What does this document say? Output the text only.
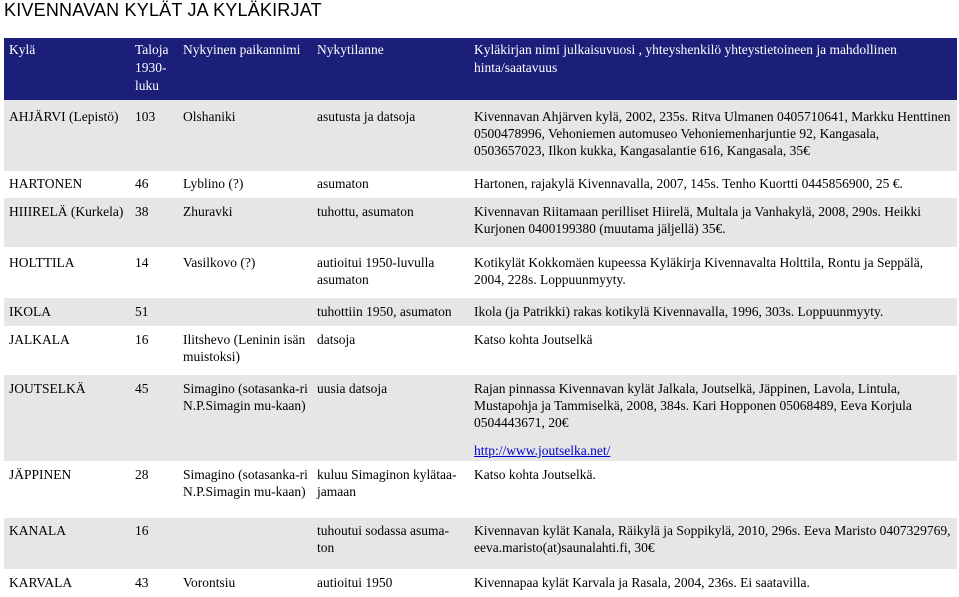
KIVENNAVAN KYLÄT JA KYLÄKIRJAT
Kylä	Taloja 1930-luku	Nykyinen paikannimi	Nykytilanne	Kyläkirjan nimi julkaisuvuosi , yhteyshenkilö yhteystietoineen ja mahdollinen hinta/saatavuus
AHJÄRVI (Lepistö)	103	Olshaniki	asutusta ja datsoja	Kivennavan Ahjärven kylä, 2002, 235s. Ritva Ulmanen 0405710641, Markku Henttinen 0500478996, Vehoniemen automuseo Vehoniemenharjuntie 92, Kangasala, 0503657023, Ilkon kukka, Kangasalantie 616, Kangasala, 35€
HARTONEN	46	Lyblino (?)	asumaton	Hartonen, rajakylä Kivennavalla, 2007, 145s. Tenho Kuortti 0445856900, 25 €.
HIIIRELÄ (Kurkela)	38	Zhuravki	tuhottu, asumaton	Kivennavan Riitamaan perilliset Hiirelä, Multala ja Vanhakylä, 2008, 290s. Heikki Kurjonen 0400199380 (muutama jäljellä) 35€.
HOLTTILA	14	Vasilkovo (?)	autioitui 1950-luvulla asumaton	Kotikylät Kokkomäen kupeessa Kyläkirja Kivennavalta Holttila, Rontu ja Seppälä, 2004, 228s. Loppuunmyyty.
IKOLA	51		tuhottiin 1950, asumaton	Ikola (ja Patrikki) rakas kotikylä Kivennavalla, 1996, 303s. Loppuunmyyty.
JALKALA	16	Ilitshevo (Leninin isän muistoksi)	datsoja	Katso kohta Joutselkä
JOUTSELKÄ	45	Simagino (sotasanka-ri N.P.Simagin mu-kaan)	uusia datsoja	Rajan pinnassa Kivennavan kylät Jalkala, Joutselkä, Jäppinen, Lavola, Lintula, Mustapohja ja Tammiselkä, 2008, 384s. Kari Hopponen 05068489, Eeva Korjula 0504443671, 20€
http://www.joutselka.net/

JÄPPINEN	28	Simagino (sotasanka-ri N.P.Simagin mu-kaan)	kuluu Simaginon kylätaa-jamaan	Katso kohta Joutselkä.
KANALA	16		tuhoutui sodassa asuma-ton	Kivennavan kylät Kanala, Räikylä ja Soppikylä, 2010, 296s. Eeva Maristo 0407329769, eeva.maristo(at)saunalahti.fi, 30€
KARVALA	43	Vorontsiu	autioitui 1950	Kivennapaa kylät Karvala ja Rasala, 2004, 236s. Ei saatavilla.
